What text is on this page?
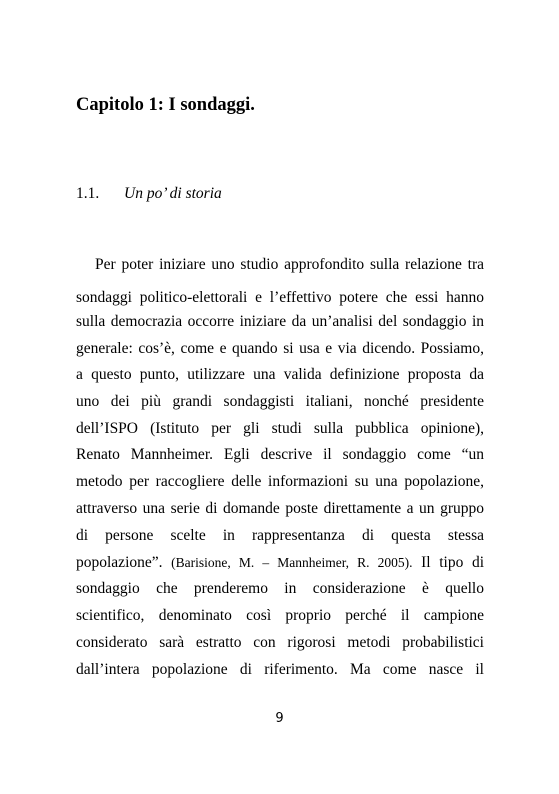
Capitolo 1: I sondaggi.
1.1. Un po’ di storia
Per poter iniziare uno studio approfondito sulla relazione tra
sondaggi politico-elettorali e l’effettivo potere che essi hanno
sulla democrazia occorre iniziare da un’analisi del sondaggio in
generale: cos’è, come e quando si usa e via dicendo. Possiamo,
a questo punto, utilizzare una valida definizione proposta da
uno dei più grandi sondaggisti italiani, nonché presidente
dell’ISPO (Istituto per gli studi sulla pubblica opinione),
Renato Mannheimer. Egli descrive il sondaggio come “un
metodo per raccogliere delle informazioni su una popolazione,
attraverso una serie di domande poste direttamente a un gruppo
di persone scelte in rappresentanza di questa stessa
popolazione”. (Barisione, M. – Mannheimer, R. 2005). Il tipo di
sondaggio che prenderemo in considerazione è quello
scientifico, denominato così proprio perché il campione
considerato sarà estratto con rigorosi metodi probabilistici
dall’intera popolazione di riferimento. Ma come nasce il
9
